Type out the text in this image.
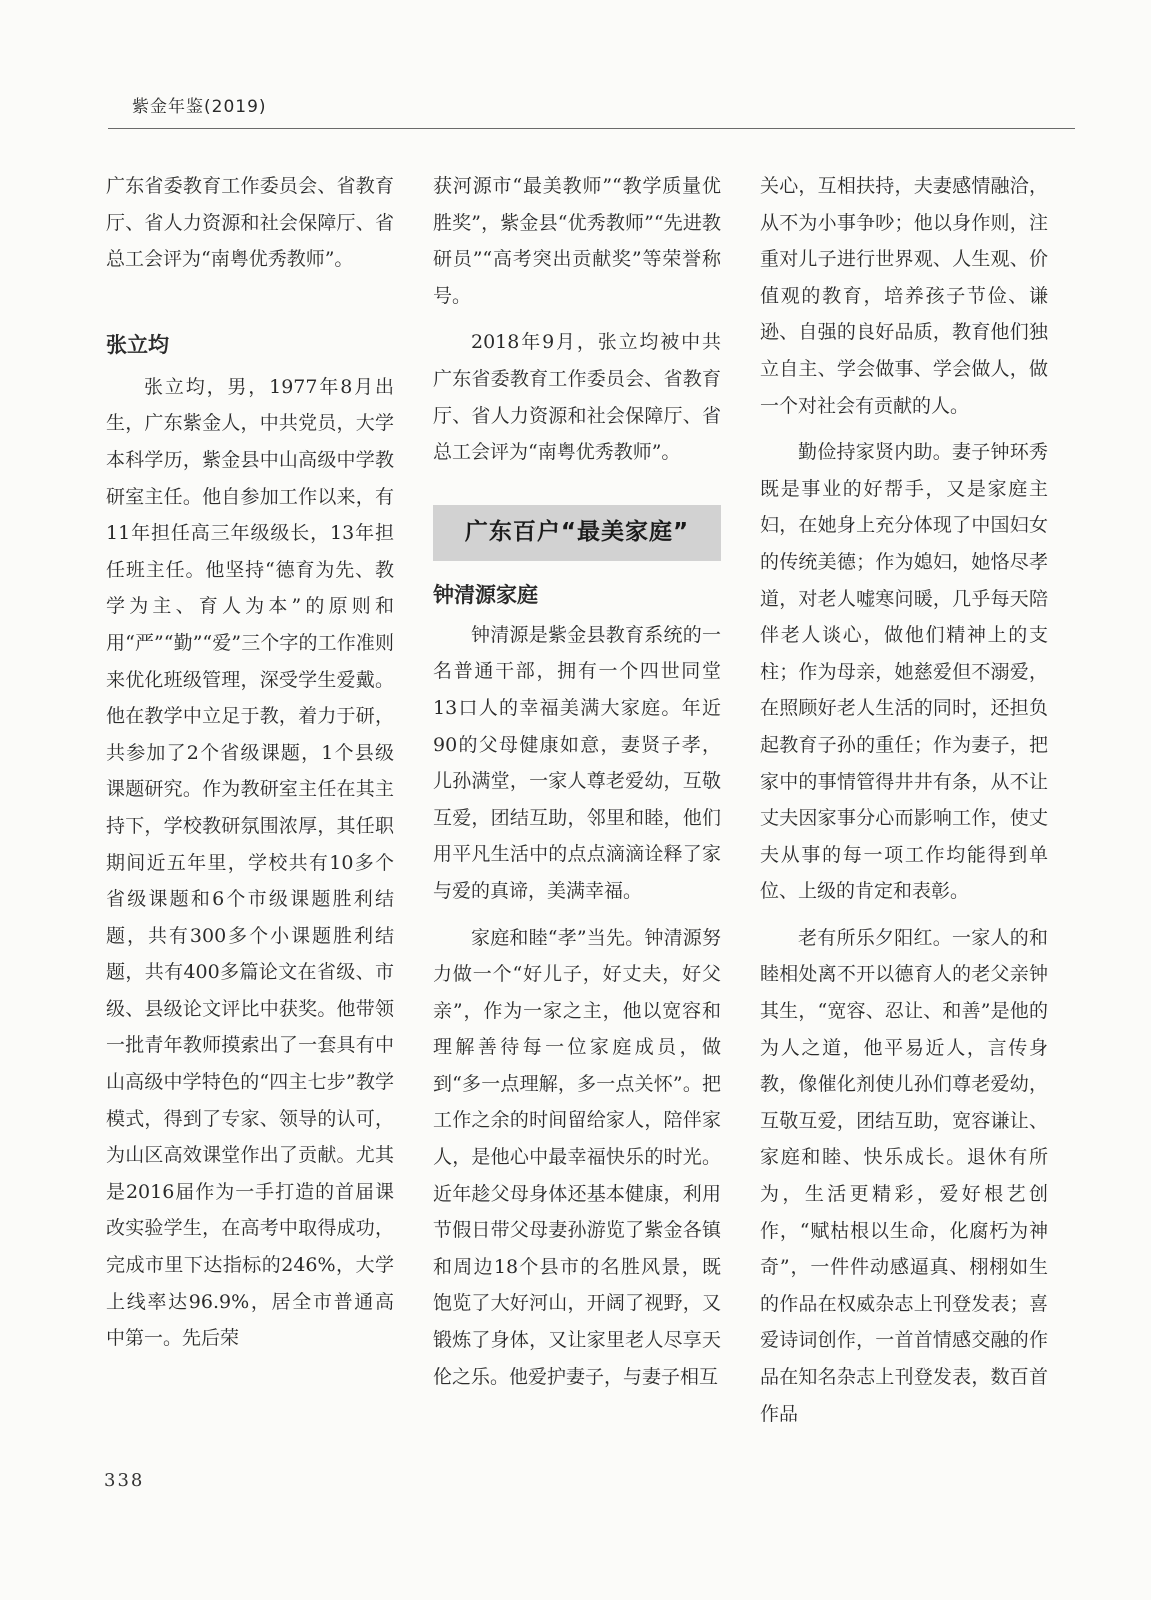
紫金年鉴(2019)

广东省委教育工作委员会、省教育厅、省人力资源和社会保障厅、省总工会评为“南粤优秀教师”。

张立均

张立均，男，1977年8月出生，广东紫金人，中共党员，大学本科学历，紫金县中山高级中学教研室主任。他自参加工作以来，有11年担任高三年级级长，13年担任班主任。他坚持“德育为先、教学为主、育人为本”的原则和用“严”“勤”“爱”三个字的工作准则来优化班级管理，深受学生爱戴。他在教学中立足于教，着力于研，共参加了2个省级课题，1个县级课题研究。作为教研室主任在其主持下，学校教研氛围浓厚，其任职期间近五年里，学校共有10多个省级课题和6个市级课题胜利结题，共有300多个小课题胜利结题，共有400多篇论文在省级、市级、县级论文评比中获奖。他带领一批青年教师摸索出了一套具有中山高级中学特色的“四主七步”教学模式，得到了专家、领导的认可，为山区高效课堂作出了贡献。尤其是2016届作为一手打造的首届课改实验学生，在高考中取得成功，完成市里下达指标的246%，大学上线率达96.9%，居全市普通高中第一。先后荣

获河源市“最美教师”“教学质量优胜奖”，紫金县“优秀教师”“先进教研员”“高考突出贡献奖”等荣誉称号。

2018年9月，张立均被中共广东省委教育工作委员会、省教育厅、省人力资源和社会保障厅、省总工会评为“南粤优秀教师”。

广东百户“最美家庭”
钟清源家庭

钟清源是紫金县教育系统的一名普通干部，拥有一个四世同堂13口人的幸福美满大家庭。年近90的父母健康如意，妻贤子孝，儿孙满堂，一家人尊老爱幼，互敬互爱，团结互助，邻里和睦，他们用平凡生活中的点点滴滴诠释了家与爱的真谛，美满幸福。

家庭和睦“孝”当先。钟清源努力做一个“好儿子，好丈夫，好父亲”，作为一家之主，他以宽容和理解善待每一位家庭成员，做到“多一点理解，多一点关怀”。把工作之余的时间留给家人，陪伴家人，是他心中最幸福快乐的时光。近年趁父母身体还基本健康，利用节假日带父母妻孙游览了紫金各镇和周边18个县市的名胜风景，既饱览了大好河山，开阔了视野，又锻炼了身体，又让家里老人尽享天伦之乐。他爱护妻子，与妻子相互

关心，互相扶持，夫妻感情融洽，从不为小事争吵；他以身作则，注重对儿子进行世界观、人生观、价值观的教育，培养孩子节俭、谦逊、自强的良好品质，教育他们独立自主、学会做事、学会做人，做一个对社会有贡献的人。

勤俭持家贤内助。妻子钟环秀既是事业的好帮手，又是家庭主妇，在她身上充分体现了中国妇女的传统美德；作为媳妇，她恪尽孝道，对老人嘘寒问暖，几乎每天陪伴老人谈心，做他们精神上的支柱；作为母亲，她慈爱但不溺爱，在照顾好老人生活的同时，还担负起教育子孙的重任；作为妻子，把家中的事情管得井井有条，从不让丈夫因家事分心而影响工作，使丈夫从事的每一项工作均能得到单位、上级的肯定和表彰。

老有所乐夕阳红。一家人的和睦相处离不开以德育人的老父亲钟其生，“宽容、忍让、和善”是他的为人之道，他平易近人，言传身教，像催化剂使儿孙们尊老爱幼，互敬互爱，团结互助，宽容谦让、家庭和睦、快乐成长。退休有所为，生活更精彩，爱好根艺创作，“赋枯根以生命，化腐朽为神奇”，一件件动感逼真、栩栩如生的作品在权威杂志上刊登发表；喜爱诗词创作，一首首情感交融的作品在知名杂志上刊登发表，数百首作品

338
